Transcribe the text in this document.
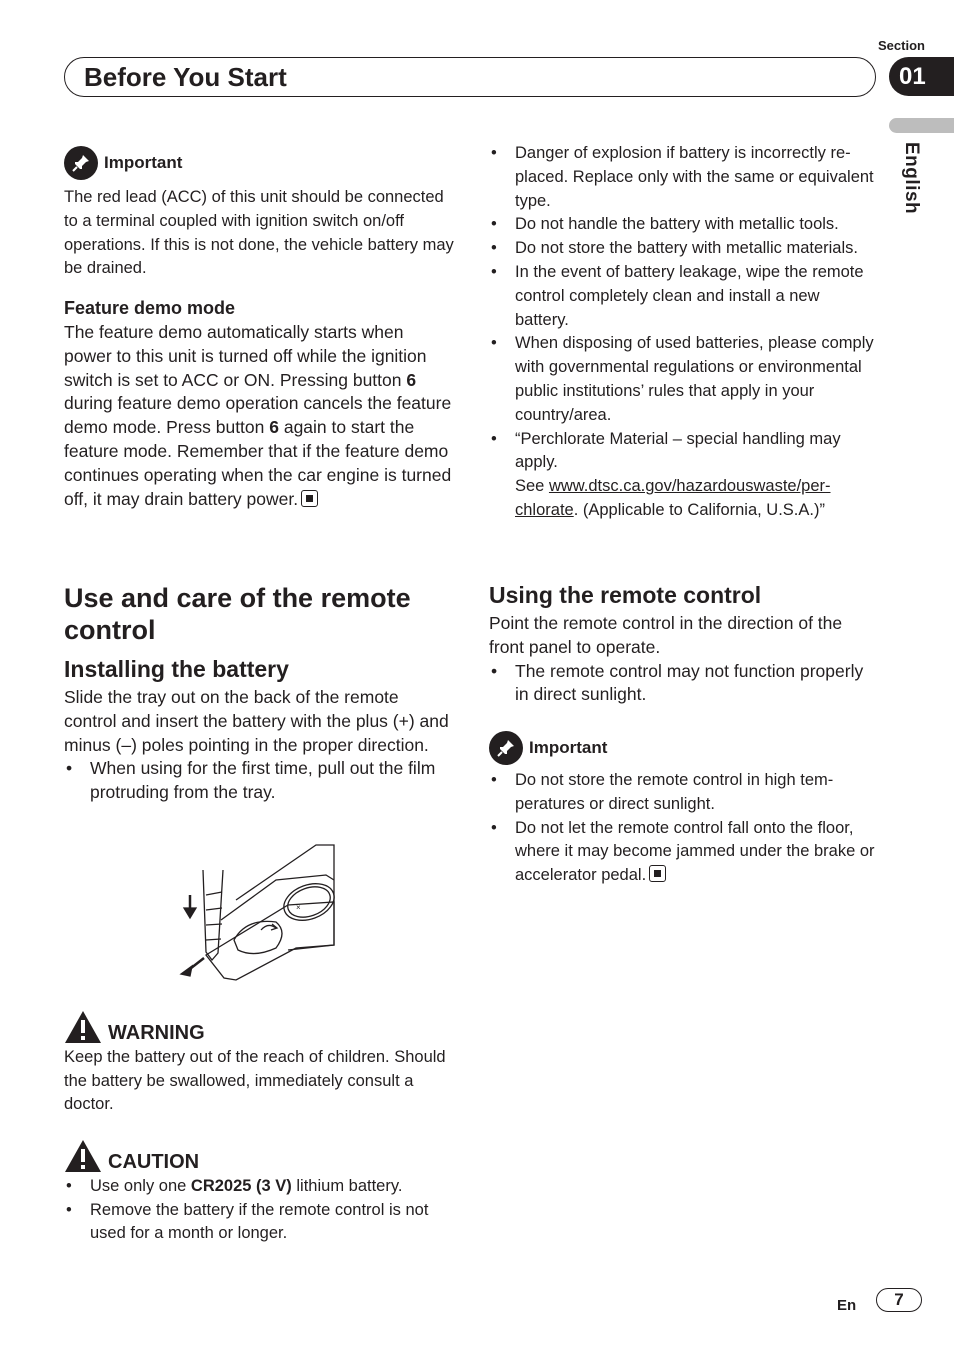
Before You Start
Section
01
English
Important

The red lead (ACC) of this unit should be connected to a terminal coupled with ignition switch on/off operations. If this is not done, the vehicle battery may be drained.

Feature demo mode

The feature demo automatically starts when power to this unit is turned off while the ignition switch is set to ACC or ON. Pressing button 6 during feature demo operation cancels the feature demo mode. Press button 6 again to start the feature mode. Remember that if the feature demo continues operating when the car engine is turned off, it may drain battery power.

Use and care of the remote control
Installing the battery

Slide the tray out on the back of the remote control and insert the battery with the plus (+) and minus (–) poles pointing in the proper direction.

• When using for the first time, pull out the film protruding from the tray.
×
WARNING

Keep the battery out of the reach of children. Should the battery be swallowed, immediately consult a doctor.

CAUTION
• Use only one CR2025 (3 V) lithium battery.
• Remove the battery if the remote control is not used for a month or longer.
• Danger of explosion if battery is incorrectly replaced. Replace only with the same or equivalent type.
• Do not handle the battery with metallic tools.
• Do not store the battery with metallic materials.
• In the event of battery leakage, wipe the remote control completely clean and install a new battery.
• When disposing of used batteries, please comply with governmental regulations or environmental public institutions’ rules that apply in your country/area.
• “Perchlorate Material – special handling may apply.
See www.dtsc.ca.gov/hazardouswaste/perchlorate. (Applicable to California, U.S.A.)”
Using the remote control

Point the remote control in the direction of the front panel to operate.

• The remote control may not function properly in direct sunlight.
Important
• Do not store the remote control in high temperatures or direct sunlight.
• Do not let the remote control fall onto the floor, where it may become jammed under the brake or accelerator pedal.
En	7
